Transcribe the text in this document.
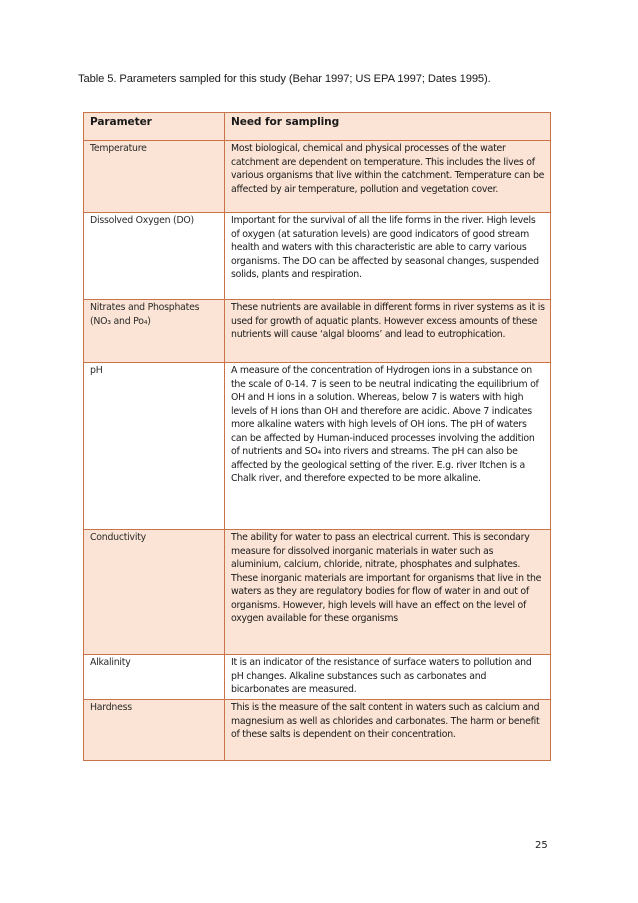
Table 5. Parameters sampled for this study (Behar 1997; US EPA 1997; Dates 1995).
Parameter	Need for sampling
Temperature	Most biological, chemical and physical processes of the water catchment are dependent on temperature. This includes the lives of various organisms that live within the catchment. Temperature can be affected by air temperature, pollution and vegetation cover.
Dissolved Oxygen (DO)	Important for the survival of all the life forms in the river. High levels of oxygen (at saturation levels) are good indicators of good stream health and waters with this characteristic are able to carry various organisms. The DO can be affected by seasonal changes, suspended solids, plants and respiration.
Nitrates and Phosphates (NO₃ and Po₄)	These nutrients are available in different forms in river systems as it is used for growth of aquatic plants. However excess amounts of these nutrients will cause ‘algal blooms’ and lead to eutrophication.
pH	A measure of the concentration of Hydrogen ions in a substance on the scale of 0-14. 7 is seen to be neutral indicating the equilibrium of OH and H ions in a solution. Whereas, below 7 is waters with high levels of H ions than OH and therefore are acidic. Above 7 indicates more alkaline waters with high levels of OH ions. The pH of waters can be affected by Human-induced processes involving the addition of nutrients and SO₄ into rivers and streams. The pH can also be affected by the geological setting of the river. E.g. river Itchen is a Chalk river, and therefore expected to be more alkaline.
Conductivity	The ability for water to pass an electrical current. This is secondary measure for dissolved inorganic materials in water such as aluminium, calcium, chloride, nitrate, phosphates and sulphates. These inorganic materials are important for organisms that live in the waters as they are regulatory bodies for flow of water in and out of organisms. However, high levels will have an effect on the level of oxygen available for these organisms
Alkalinity	It is an indicator of the resistance of surface waters to pollution and pH changes. Alkaline substances such as carbonates and bicarbonates are measured.
Hardness	This is the measure of the salt content in waters such as calcium and magnesium as well as chlorides and carbonates. The harm or benefit of these salts is dependent on their concentration.
25
